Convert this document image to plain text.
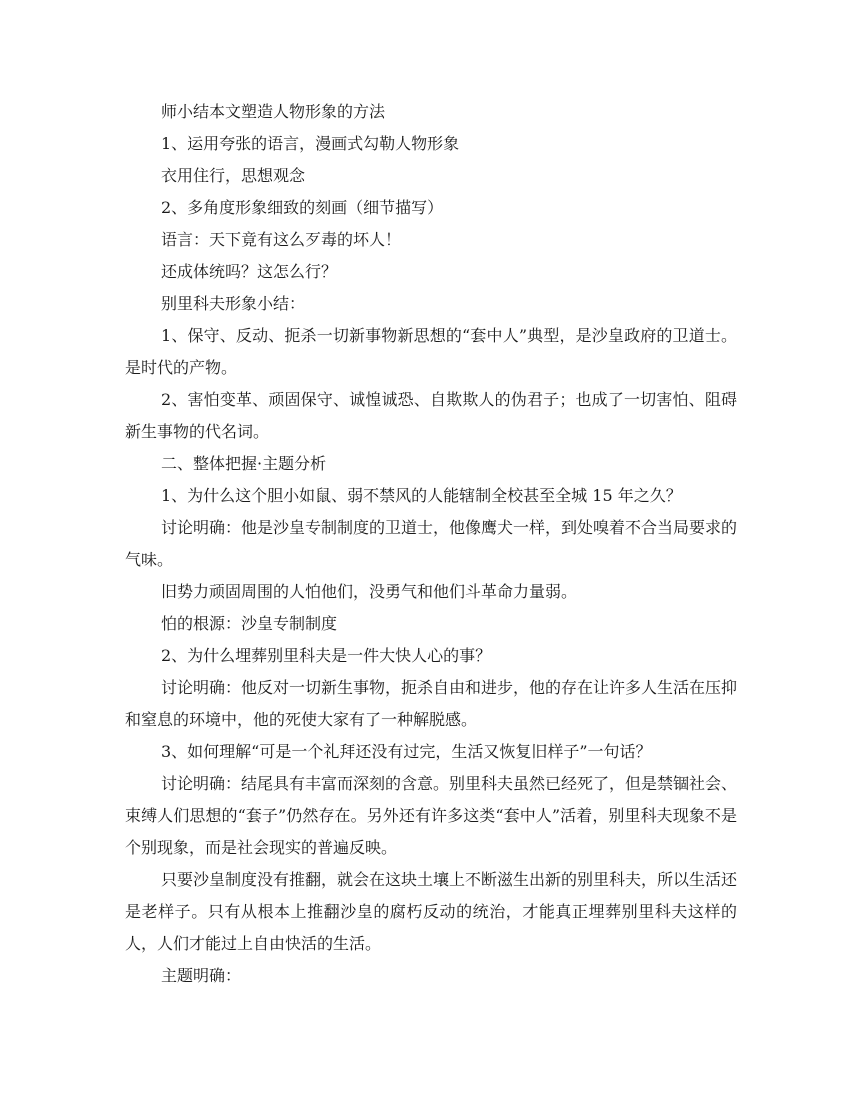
师小结本文塑造人物形象的方法

1、运用夸张的语言，漫画式勾勒人物形象

衣用住行，思想观念

2、多角度形象细致的刻画（细节描写）

语言：天下竟有这么歹毒的坏人！

还成体统吗？这怎么行？

别里科夫形象小结：

1、保守、反动、扼杀一切新事物新思想的“套中人”典型，是沙皇政府的卫道士。是时代的产物。

2、害怕变革、顽固保守、诚惶诚恐、自欺欺人的伪君子；也成了一切害怕、阻碍新生事物的代名词。

二、整体把握·主题分析

1、为什么这个胆小如鼠、弱不禁风的人能辖制全校甚至全城 15 年之久？

讨论明确：他是沙皇专制制度的卫道士，他像鹰犬一样，到处嗅着不合当局要求的气味。

旧势力顽固周围的人怕他们，没勇气和他们斗革命力量弱。

怕的根源：沙皇专制制度

2、为什么埋葬别里科夫是一件大快人心的事？

讨论明确：他反对一切新生事物，扼杀自由和进步，他的存在让许多人生活在压抑和窒息的环境中，他的死使大家有了一种解脱感。

3、如何理解“可是一个礼拜还没有过完，生活又恢复旧样子”一句话？

讨论明确：结尾具有丰富而深刻的含意。别里科夫虽然已经死了，但是禁锢社会、束缚人们思想的“套子”仍然存在。另外还有许多这类“套中人”活着，别里科夫现象不是个别现象，而是社会现实的普遍反映。

只要沙皇制度没有推翻，就会在这块土壤上不断滋生出新的别里科夫，所以生活还是老样子。只有从根本上推翻沙皇的腐朽反动的统治，才能真正埋葬别里科夫这样的人，人们才能过上自由快活的生活。

主题明确：
